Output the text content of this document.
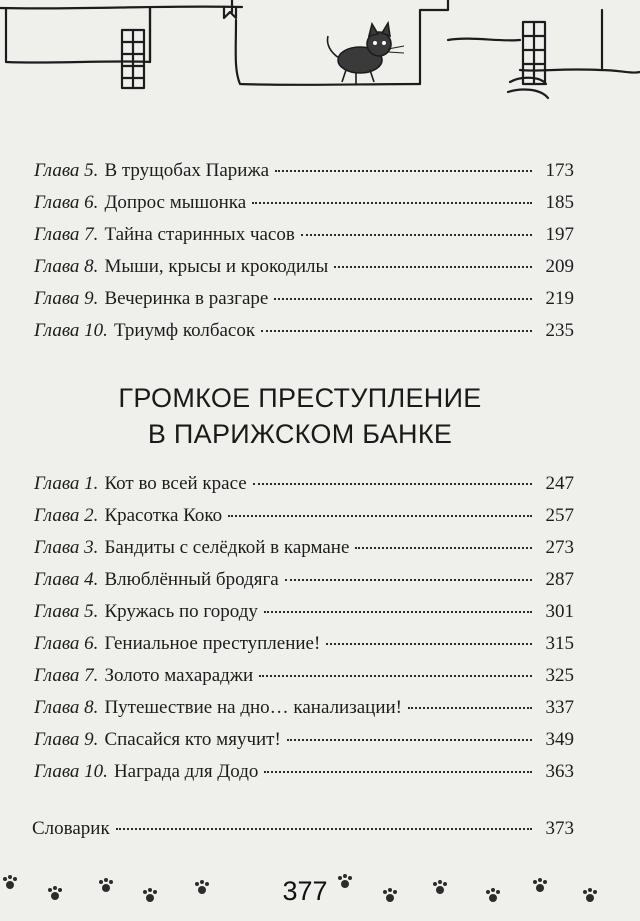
Глава 5. В трущобах Парижа	173
Глава 6. Допрос мышонка	185
Глава 7. Тайна старинных часов	197
Глава 8. Мыши, крысы и крокодилы	209
Глава 9. Вечеринка в разгаре	219
Глава 10. Триумф колбасок	235
ГРОМКОЕ ПРЕСТУПЛЕНИЕ
В ПАРИЖСКОМ БАНКЕ
Глава 1. Кот во всей красе	247
Глава 2. Красотка Коко	257
Глава 3. Бандиты с селёдкой в кармане	273
Глава 4. Влюблённый бродяга	287
Глава 5. Кружась по городу	301
Глава 6. Гениальное преступление!	315
Глава 7. Золото махараджи	325
Глава 8. Путешествие на дно… канализации!	337
Глава 9. Спасайся кто мяучит!	349
Глава 10. Награда для Додо	363
Словарик	373
377
